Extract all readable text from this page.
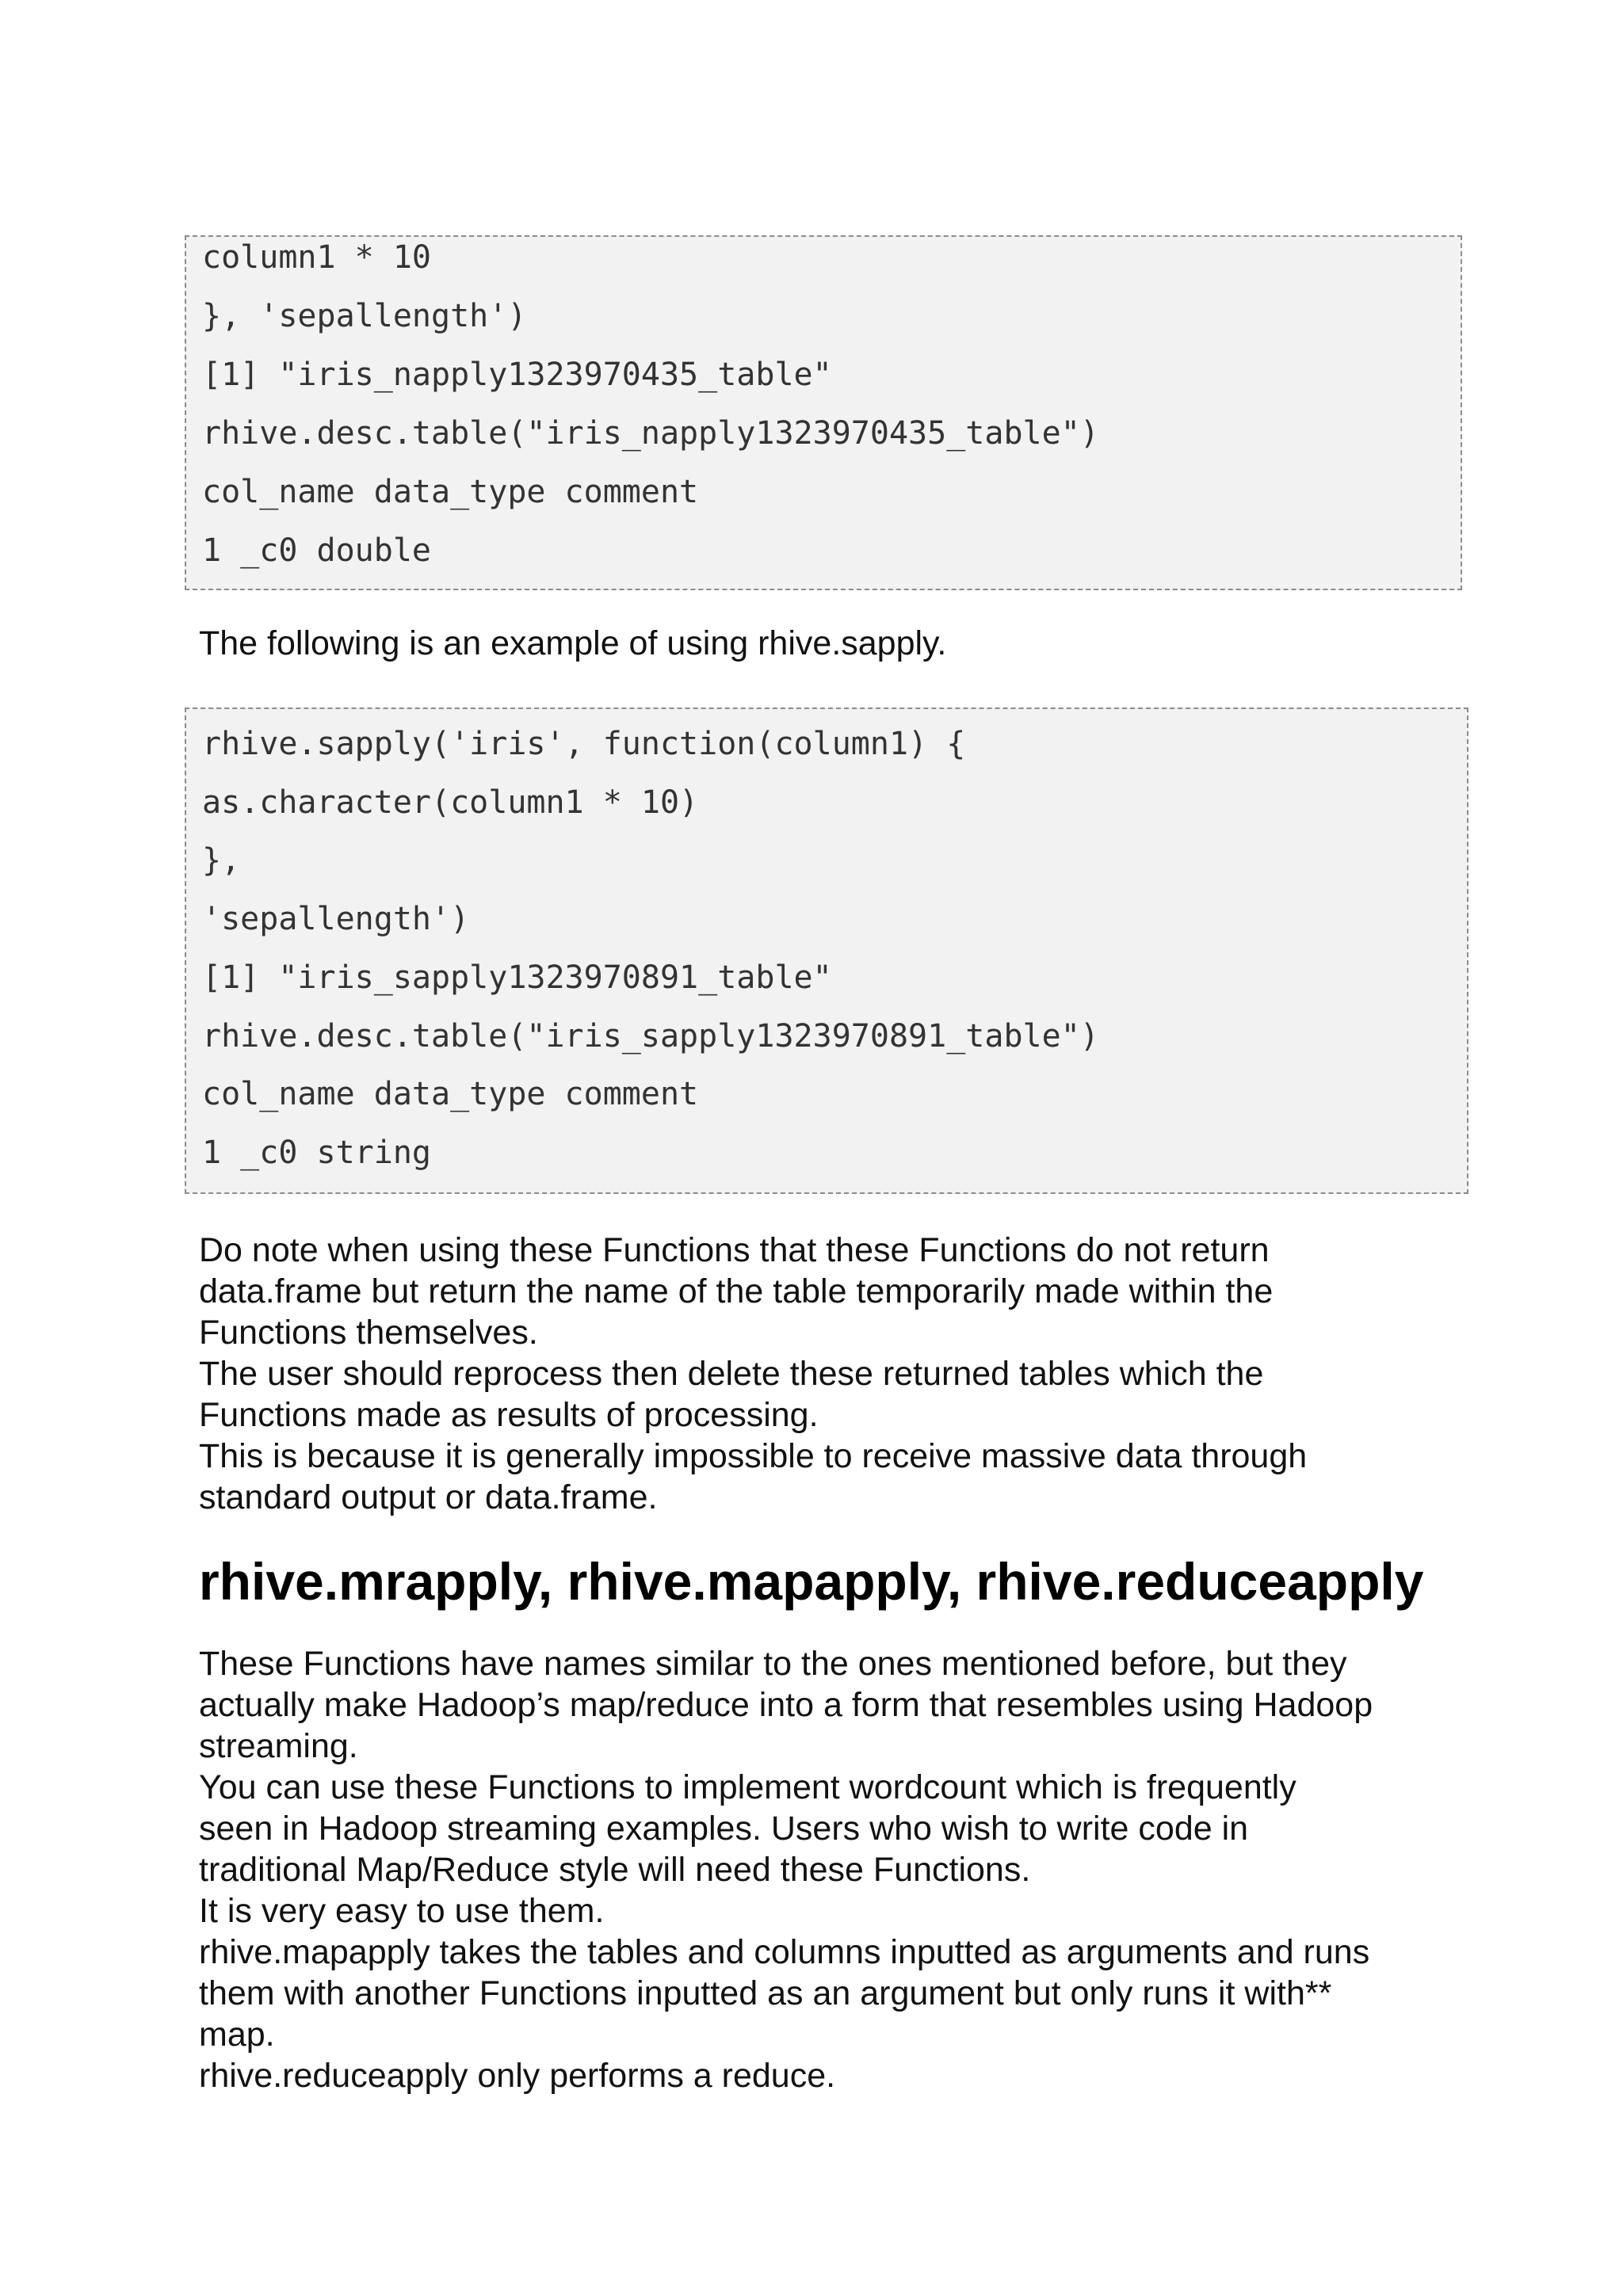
column1 * 10
}, 'sepallength')
[1] "iris_napply1323970435_table"
rhive.desc.table("iris_napply1323970435_table")
col_name data_type comment
1 _c0 double
The following is an example of using rhive.sapply.
rhive.sapply('iris', function(column1) {
as.character(column1 * 10)
},
'sepallength')
[1] "iris_sapply1323970891_table"
rhive.desc.table("iris_sapply1323970891_table")
col_name data_type comment
1 _c0 string
Do note when using these Functions that these Functions do not return
data.frame but return the name of the table temporarily made within the
Functions themselves.
The user should reprocess then delete these returned tables which the
Functions made as results of processing.
This is because it is generally impossible to receive massive data through
standard output or data.frame.
rhive.mrapply, rhive.mapapply, rhive.reduceapply
These Functions have names similar to the ones mentioned before, but they
actually make Hadoop’s map/reduce into a form that resembles using Hadoop
streaming.
You can use these Functions to implement wordcount which is frequently
seen in Hadoop streaming examples. Users who wish to write code in
traditional Map/Reduce style will need these Functions.
It is very easy to use them.
rhive.mapapply takes the tables and columns inputted as arguments and runs
them with another Functions inputted as an argument but only runs it with**
map.
rhive.reduceapply only performs a reduce.
